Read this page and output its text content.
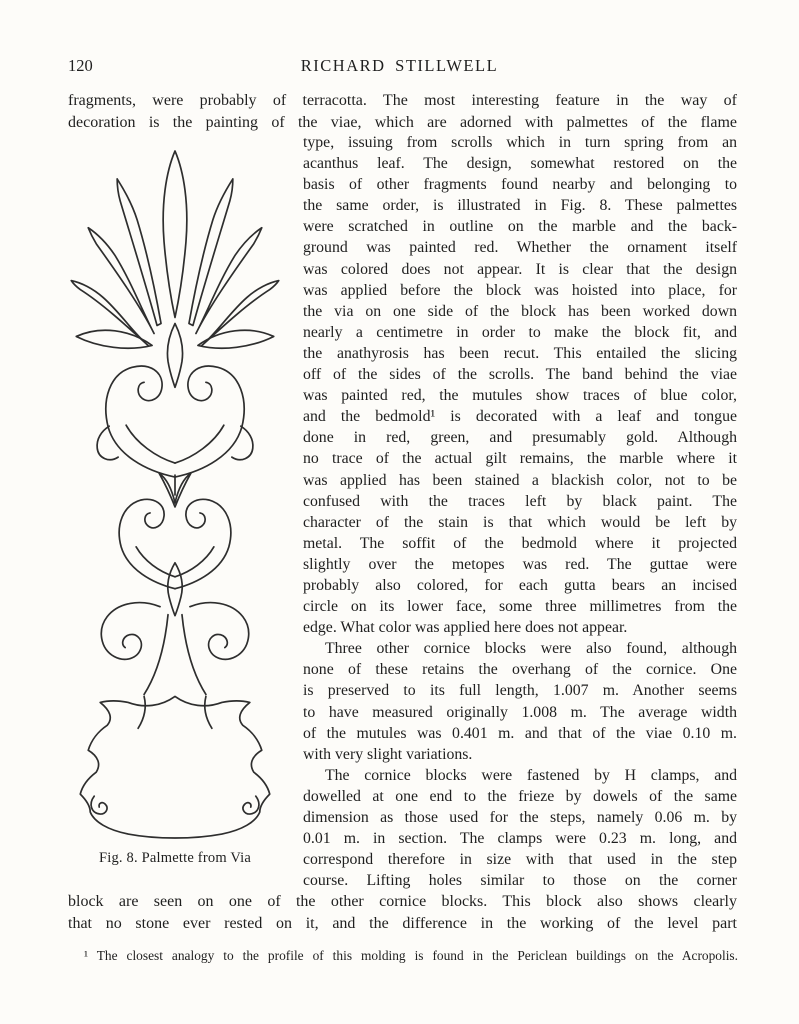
120	RICHARD STILLWELL
fragments, were probably of terracotta. The most interesting feature in the way of
decoration is the painting of the viae, which are adorned with palmettes of the flame
Fig. 8. Palmette from Via
type, issuing from scrolls which in turn spring from an
acanthus leaf. The design, somewhat restored on the
basis of other fragments found nearby and belonging to
the same order, is illustrated in Fig. 8. These palmettes
were scratched in outline on the marble and the back-
ground was painted red. Whether the ornament itself
was colored does not appear. It is clear that the design
was applied before the block was hoisted into place, for
the via on one side of the block has been worked down
nearly a centimetre in order to make the block fit, and
the anathyrosis has been recut. This entailed the slicing
off of the sides of the scrolls. The band behind the viae
was painted red, the mutules show traces of blue color,
and the bedmold¹ is decorated with a leaf and tongue
done in red, green, and presumably gold. Although
no trace of the actual gilt remains, the marble where it
was applied has been stained a blackish color, not to be
confused with the traces left by black paint. The
character of the stain is that which would be left by
metal. The soffit of the bedmold where it projected
slightly over the metopes was red. The guttae were
probably also colored, for each gutta bears an incised
circle on its lower face, some three millimetres from the
edge. What color was applied here does not appear.
Three other cornice blocks were also found, although
none of these retains the overhang of the cornice. One
is preserved to its full length, 1.007 m. Another seems
to have measured originally 1.008 m. The average width
of the mutules was 0.401 m. and that of the viae 0.10 m.
with very slight variations.
The cornice blocks were fastened by H clamps, and
dowelled at one end to the frieze by dowels of the same
dimension as those used for the steps, namely 0.06 m. by
0.01 m. in section. The clamps were 0.23 m. long, and
correspond therefore in size with that used in the step
course. Lifting holes similar to those on the corner
block are seen on one of the other cornice blocks. This block also shows clearly
that no stone ever rested on it, and the difference in the working of the level part
¹ The closest analogy to the profile of this molding is found in the Periclean buildings on the Acropolis.
